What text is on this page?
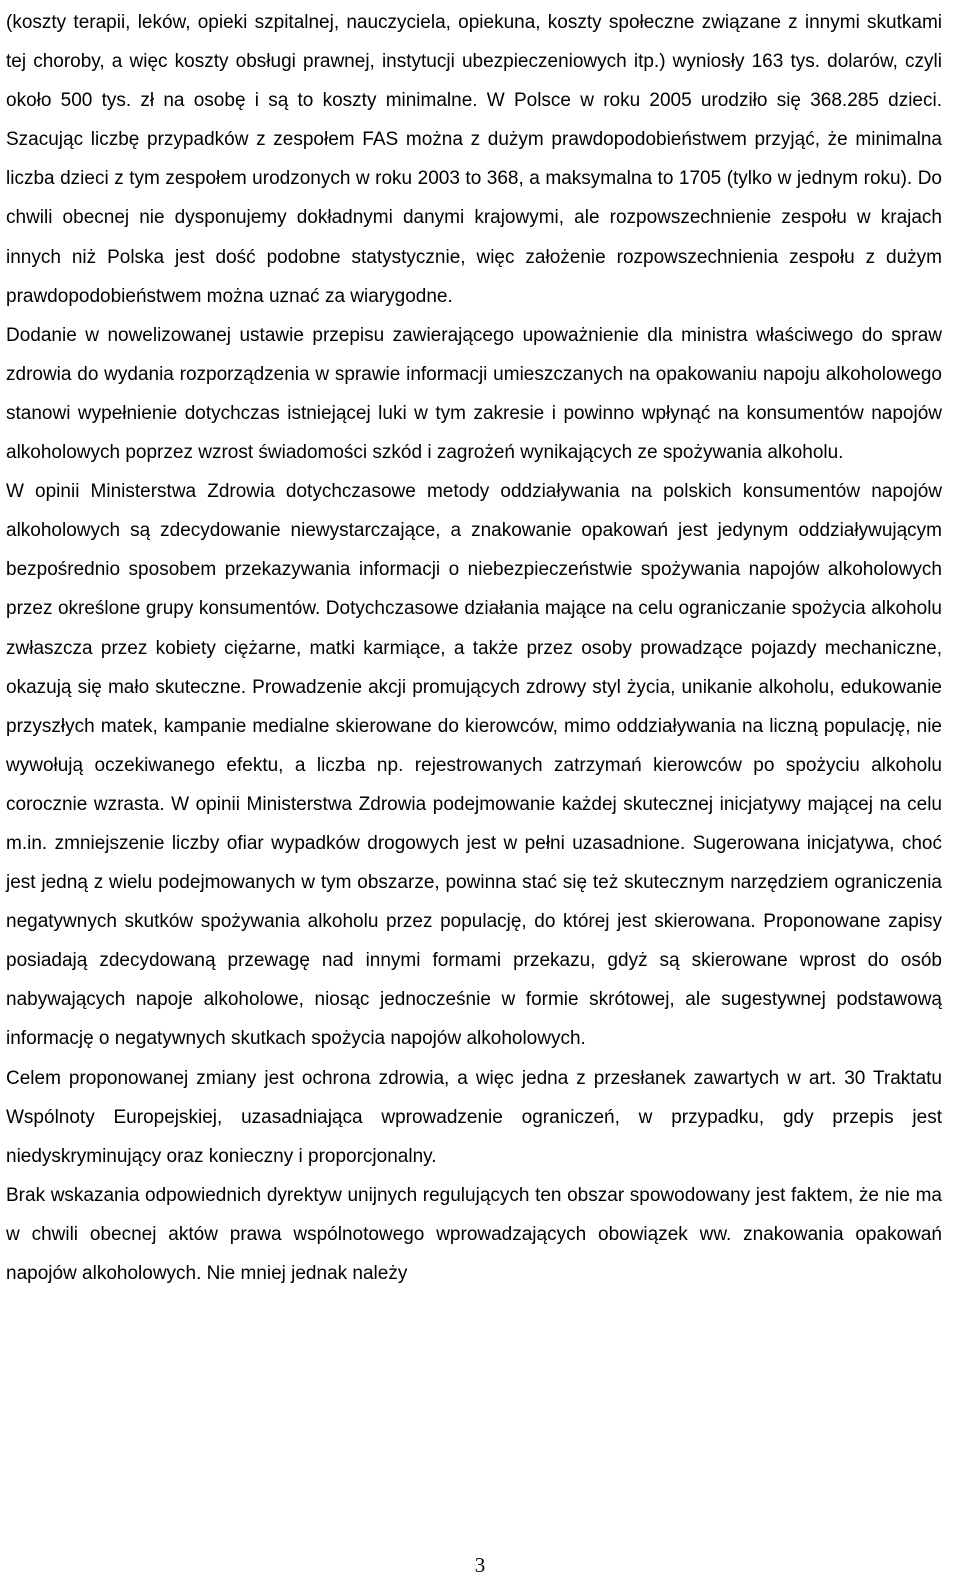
(koszty terapii, leków, opieki szpitalnej, nauczyciela, opiekuna, koszty społeczne związane z innymi skutkami tej choroby, a więc koszty obsługi prawnej, instytucji ubezpieczeniowych itp.) wyniosły 163 tys. dolarów, czyli około 500 tys. zł na osobę i są to koszty minimalne. W Polsce w roku 2005 urodziło się 368.285 dzieci. Szacując liczbę przypadków z zespołem FAS można z dużym prawdopodobieństwem przyjąć, że minimalna liczba dzieci z tym zespołem urodzonych w roku 2003 to 368, a maksymalna to 1705 (tylko w jednym roku). Do chwili obecnej nie dysponujemy dokładnymi danymi krajowymi, ale rozpowszechnienie zespołu w krajach innych niż Polska jest dość podobne statystycznie, więc założenie rozpowszechnienia zespołu z dużym prawdopodobieństwem można uznać za wiarygodne.

Dodanie w nowelizowanej ustawie przepisu zawierającego upoważnienie dla ministra właściwego do spraw zdrowia do wydania rozporządzenia w sprawie informacji umieszczanych na opakowaniu napoju alkoholowego stanowi wypełnienie dotychczas istniejącej luki w tym zakresie i powinno wpłynąć na konsumentów napojów alkoholowych poprzez wzrost świadomości szkód i zagrożeń wynikających ze spożywania alkoholu.

W opinii Ministerstwa Zdrowia dotychczasowe metody oddziaływania na polskich konsumentów napojów alkoholowych są zdecydowanie niewystarczające, a znakowanie opakowań jest jedynym oddziaływującym bezpośrednio sposobem przekazywania informacji o niebezpieczeństwie spożywania napojów alkoholowych przez określone grupy konsumentów. Dotychczasowe działania mające na celu ograniczanie spożycia alkoholu zwłaszcza przez kobiety ciężarne, matki karmiące, a także przez osoby prowadzące pojazdy mechaniczne, okazują się mało skuteczne. Prowadzenie akcji promujących zdrowy styl życia, unikanie alkoholu, edukowanie przyszłych matek, kampanie medialne skierowane do kierowców, mimo oddziaływania na liczną populację, nie wywołują oczekiwanego efektu, a liczba np. rejestrowanych zatrzymań kierowców po spożyciu alkoholu corocznie wzrasta. W opinii Ministerstwa Zdrowia podejmowanie każdej skutecznej inicjatywy mającej na celu m.in. zmniejszenie liczby ofiar wypadków drogowych jest w pełni uzasadnione. Sugerowana inicjatywa, choć jest jedną z wielu podejmowanych w tym obszarze, powinna stać się też skutecznym narzędziem ograniczenia negatywnych skutków spożywania alkoholu przez populację, do której jest skierowana. Proponowane zapisy posiadają zdecydowaną przewagę nad innymi formami przekazu, gdyż są skierowane wprost do osób nabywających napoje alkoholowe, niosąc jednocześnie w formie skrótowej, ale sugestywnej podstawową informację o negatywnych skutkach spożycia napojów alkoholowych.

Celem proponowanej zmiany jest ochrona zdrowia, a więc jedna z przesłanek zawartych w art. 30 Traktatu Wspólnoty Europejskiej, uzasadniająca wprowadzenie ograniczeń, w przypadku, gdy przepis jest niedyskryminujący oraz konieczny i proporcjonalny.

Brak wskazania odpowiednich dyrektyw unijnych regulujących ten obszar spowodowany jest faktem, że nie ma w chwili obecnej aktów prawa wspólnotowego wprowadzających obowiązek ww. znakowania opakowań napojów alkoholowych. Nie mniej jednak należy

3
